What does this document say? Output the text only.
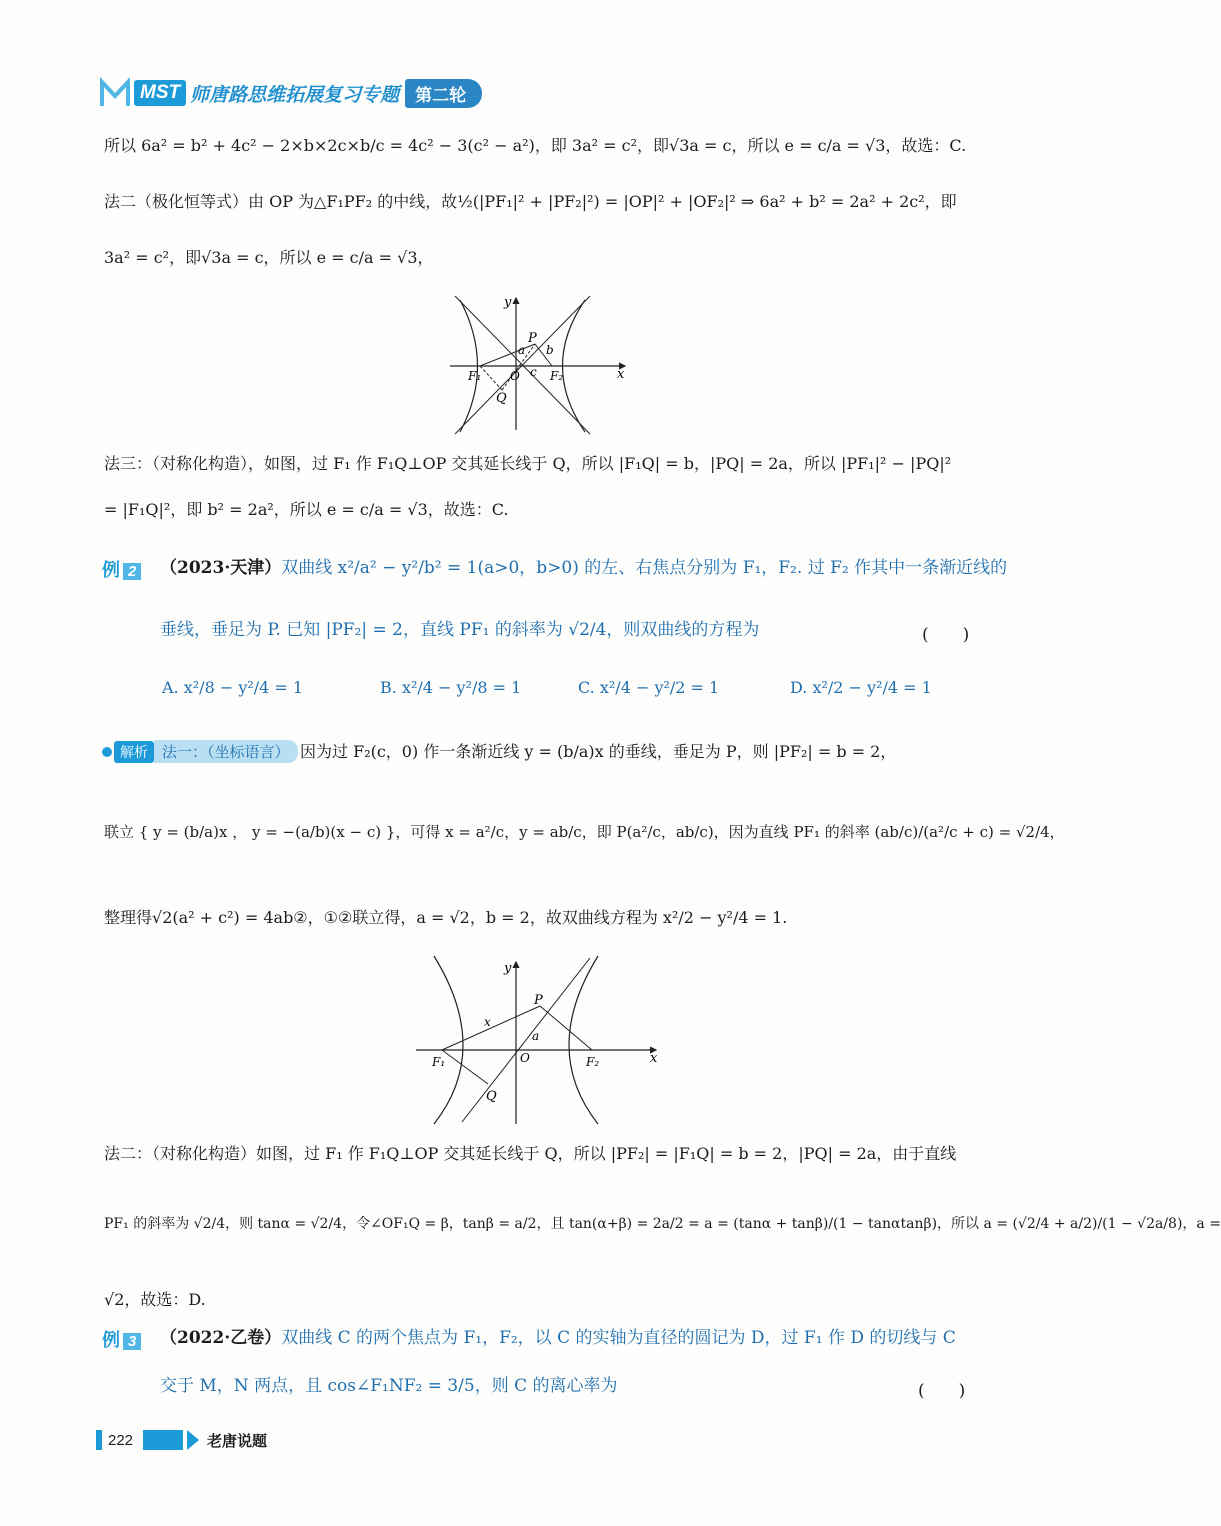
MST 师唐路思维拓展复习专题 第二轮
所以 6a² = b² + 4c² − 2×b×2c×b/c = 4c² − 3(c² − a²)，即 3a² = c²，即√3a = c，所以 e = c/a = √3，故选：C.
法二（极化恒等式）由 OP 为△F₁PF₂ 的中线，故½(|PF₁|² + |PF₂|²) = |OP|² + |OF₂|² ⇒ 6a² + b² = 2a² + 2c²，即
3a² = c²，即√3a = c，所以 e = c/a = √3，
y
x
P
a b
c
F₁	F₂
O
Q
法三：（对称化构造），如图，过 F₁ 作 F₁Q⊥OP 交其延长线于 Q，所以 |F₁Q| = b，|PQ| = 2a，所以 |PF₁|² − |PQ|²
= |F₁Q|²，即 b² = 2a²，所以 e = c/a = √3，故选：C.
例 2 （2023·天津）双曲线 x²/a² − y²/b² = 1(a>0，b>0) 的左、右焦点分别为 F₁，F₂. 过 F₂ 作其中一条渐近线的
垂线，垂足为 P. 已知 |PF₂| = 2，直线 PF₁ 的斜率为 √2/4，则双曲线的方程为	(　　)
A. x²/8 − y²/4 = 1	B. x²/4 − y²/8 = 1	C. x²/4 − y²/2 = 1	D. x²/2 − y²/4 = 1
解析 法一：（坐标语言） 因为过 F₂(c，0) 作一条渐近线 y = (b/a)x 的垂线，垂足为 P，则 |PF₂| = b = 2，
联立 { y = (b/a)x ， y = −(a/b)(x − c) }，可得 x = a²/c，y = ab/c，即 P(a²/c，ab/c)，因为直线 PF₁ 的斜率 (ab/c)/(a²/c + c) = √2/4，
整理得√2(a² + c²) = 4ab②，①②联立得，a = √2，b = 2，故双曲线方程为 x²/2 − y²/4 = 1.
y
x
P
a
x
F₁	F₂
O
Q
法二：（对称化构造）如图，过 F₁ 作 F₁Q⊥OP 交其延长线于 Q，所以 |PF₂| = |F₁Q| = b = 2，|PQ| = 2a，由于直线
PF₁ 的斜率为 √2/4，则 tanα = √2/4，令∠OF₁Q = β，tanβ = a/2，且 tan(α+β) = 2a/2 = a = (tanα + tanβ)/(1 − tanαtanβ)，所以 a = (√2/4 + a/2)/(1 − √2a/8)，a =
√2，故选：D.
例 3 （2022·乙卷）双曲线 C 的两个焦点为 F₁，F₂，以 C 的实轴为直径的圆记为 D，过 F₁ 作 D 的切线与 C
交于 M，N 两点，且 cos∠F₁NF₂ = 3/5，则 C 的离心率为	(　　)
222	老唐说题
